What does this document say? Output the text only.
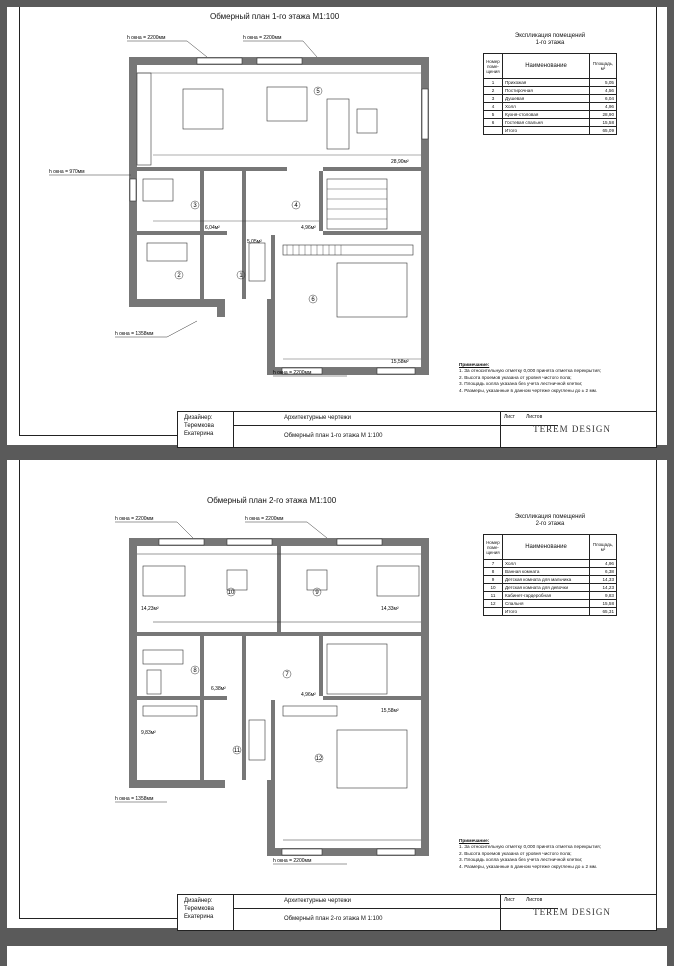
Обмерный план 1-го этажа М1:100
5
3	4
2	1
6
28,90м²
6,04м²	4,96м²
5,05м²
15,58м²
h окна = 2200мм	h окна = 2200мм
h окна = 970мм
h окна = 1358мм
h окна = 2200мм
Экспликация помещений
1-го этажа
Номер поме-щения	Наименование	Площадь, м²
1	Прихожая	5,05
2	Постирочная	4,56
3	Душевая	6,04
4	Холл	4,96
5	Кухня-столовая	28,90
6	Гостевая спальня	15,58
	Итого	65,09
Примечание:
1. За относительную отметку 0,000 принята отметка перекрытия;
2. Высота проемов указана от уровня чистого пола;
3. Площадь холла указана без учета лестничной клетки;
4. Размеры, указанные в данном чертеже округлены до ± 2 мм.
Дизайнер:
Теремкова
Екатерина
Архитектурные чертежи
Обмерный план 1-го этажа М 1:100
Лист Листов
TEREM DESIGN
Обмерный план 2-го этажа М1:100
7
8
9
10
11
12
14,23м²	14,33м²
6,38м²
4,96м²
9,83м²
15,58м²
h окна = 2200мм	h окна = 2200мм
h окна = 1358мм
h окна = 2200мм
Экспликация помещений
2-го этажа
Номер поме-щения	Наименование	Площадь, м²
7	Холл	4,96
8	Ванная комната	6,38
9	Детская комната для мальчика	14,33
10	Детская комната для девочки	14,23
11	Кабинет-гардеробная	9,83
12	Спальня	15,58
	Итого	65,31
Примечание:
1. За относительную отметку 0,000 принята отметка перекрытия;
2. Высота проемов указана от уровня чистого пола;
3. Площадь холла указана без учета лестничной клетки;
4. Размеры, указанные в данном чертеже округлены до ± 2 мм.
Дизайнер:
Теремкова
Екатерина
Архитектурные чертежи
Обмерный план 2-го этажа М 1:100
Лист Листов
TEREM DESIGN
